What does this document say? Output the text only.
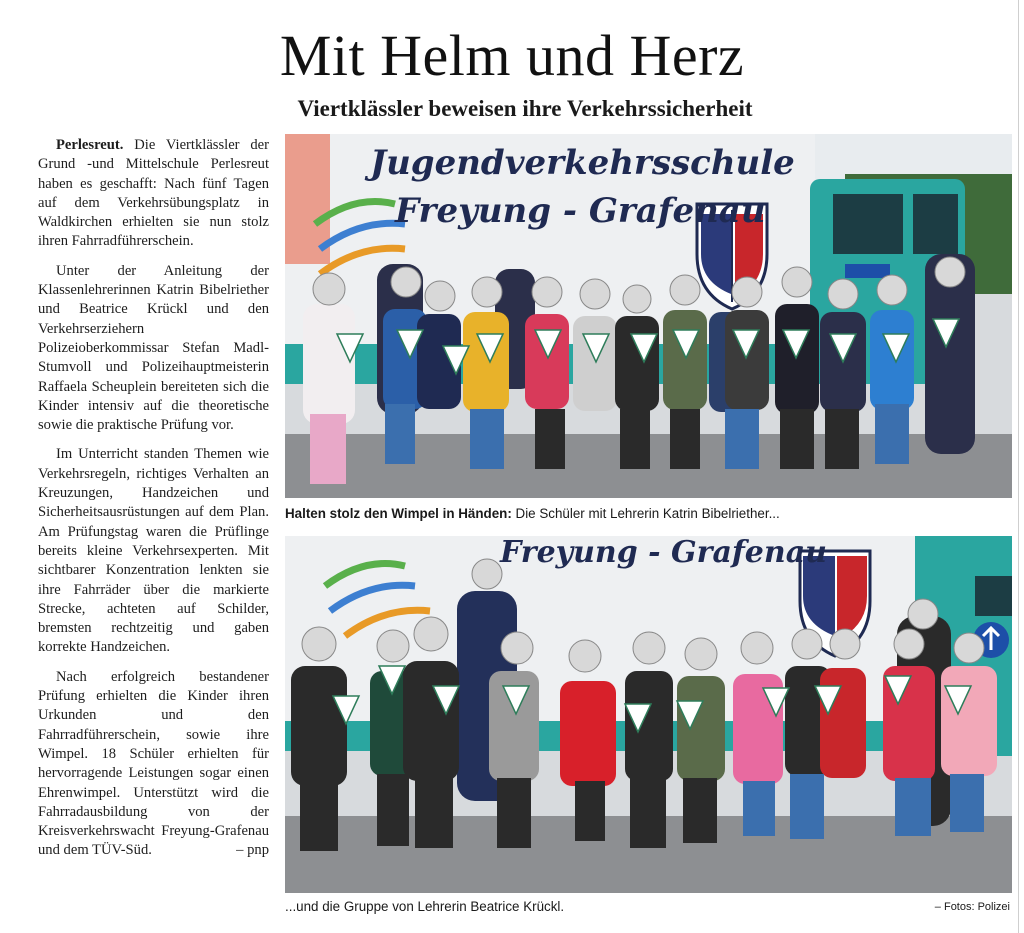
Mit Helm und Herz
Viertklässler beweisen ihre Verkehrssicherheit

Perlesreut. Die Viertklässler der Grund -und Mittelschule Perlesreut haben es geschafft: Nach fünf Tagen auf dem Verkehrsübungsplatz in Waldkirchen erhielten sie nun stolz ihren Fahrradführerschein.

Unter der Anleitung der Klassenlehrerinnen Katrin Bibelriether und Beatrice Krückl und den Verkehrserziehern Polizeioberkommissar Stefan Madl-Stumvoll und Polizeihauptmeisterin Raffaela Scheuplein bereiteten sich die Kinder intensiv auf die theoretische sowie die praktische Prüfung vor.

Im Unterricht standen Themen wie Verkehrsregeln, richtiges Verhalten an Kreuzungen, Handzeichen und Sicherheitsausrüstungen auf dem Plan. Am Prüfungstag waren die Prüflinge bereits kleine Verkehrsexperten. Mit sichtbarer Konzentration lenkten sie ihre Fahrräder über die markierte Strecke, achteten auf Schilder, bremsten rechtzeitig und gaben korrekte Handzeichen.

Nach erfolgreich bestandener Prüfung erhielten die Kinder ihren Urkunden und den Fahrradführerschein, sowie ihre Wimpel. 18 Schüler erhielten für hervorragende Leistungen sogar einen Ehrenwimpel. Unterstützt wird die Fahrradausbildung von der Kreisverkehrswacht Freyung-Grafenau und dem TÜV-Süd.	– pnp

Jugendverkehrsschule
Freyung - Grafenau
Halten stolz den Wimpel in Händen: Die Schüler mit Lehrerin Katrin Bibelriether...
Freyung - Grafenau
...und die Gruppe von Lehrerin Beatrice Krückl.	– Fotos: Polizei
